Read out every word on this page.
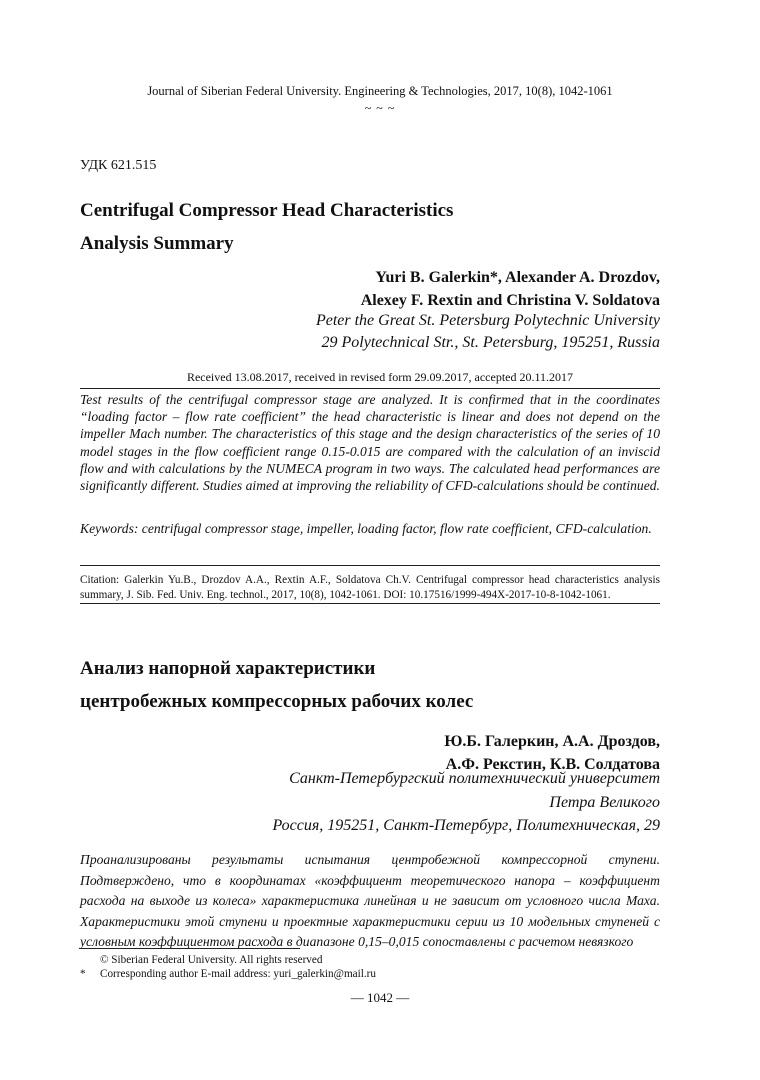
Journal of Siberian Federal University. Engineering & Technologies, 2017, 10(8), 1042-1061
~ ~ ~
УДК 621.515
Centrifugal Compressor Head Characteristics
Analysis Summary
Yuri B. Galerkin*, Alexander A. Drozdov,
Alexey F. Rextin and Christina V. Soldatova
Peter the Great St. Petersburg Polytechnic University
29 Polytechnical Str., St. Petersburg, 195251, Russia
Received 13.08.2017, received in revised form 29.09.2017, accepted 20.11.2017
Test results of the centrifugal compressor stage are analyzed. It is confirmed that in the coordinates “loading factor – flow rate coefficient” the head characteristic is linear and does not depend on the impeller Mach number. The characteristics of this stage and the design characteristics of the series of 10 model stages in the flow coefficient range 0.15-0.015 are compared with the calculation of an inviscid flow and with calculations by the NUMECA program in two ways. The calculated head performances are significantly different. Studies aimed at improving the reliability of CFD-calculations should be continued.
Keywords: centrifugal compressor stage, impeller, loading factor, flow rate coefficient, CFD-calculation.
Citation: Galerkin Yu.B., Drozdov A.A., Rextin A.F., Soldatova Ch.V. Centrifugal compressor head characteristics analysis summary, J. Sib. Fed. Univ. Eng. technol., 2017, 10(8), 1042-1061. DOI: 10.17516/1999-494X-2017-10-8-1042-1061.
Анализ напорной характеристики
центробежных компрессорных рабочих колес
Ю.Б. Галеркин, А.А. Дроздов,
А.Ф. Рекстин, К.В. Солдатова
Санкт-Петербургский политехнический университет
Петра Великого
Россия, 195251, Санкт-Петербург, Политехническая, 29
Проанализированы результаты испытания центробежной компрессорной ступени. Подтверждено, что в координатах «коэффициент теоретического напора – коэффициент расхода на выходе из колеса» характеристика линейная и не зависит от условного числа Маха. Характеристики этой ступени и проектные характеристики серии из 10 модельных ступеней с условным коэффициентом расхода в диапазоне 0,15–0,015 сопоставлены с расчетом невязкого
© Siberian Federal University. All rights reserved
* Corresponding author E-mail address: yuri_galerkin@mail.ru
— 1042 —
